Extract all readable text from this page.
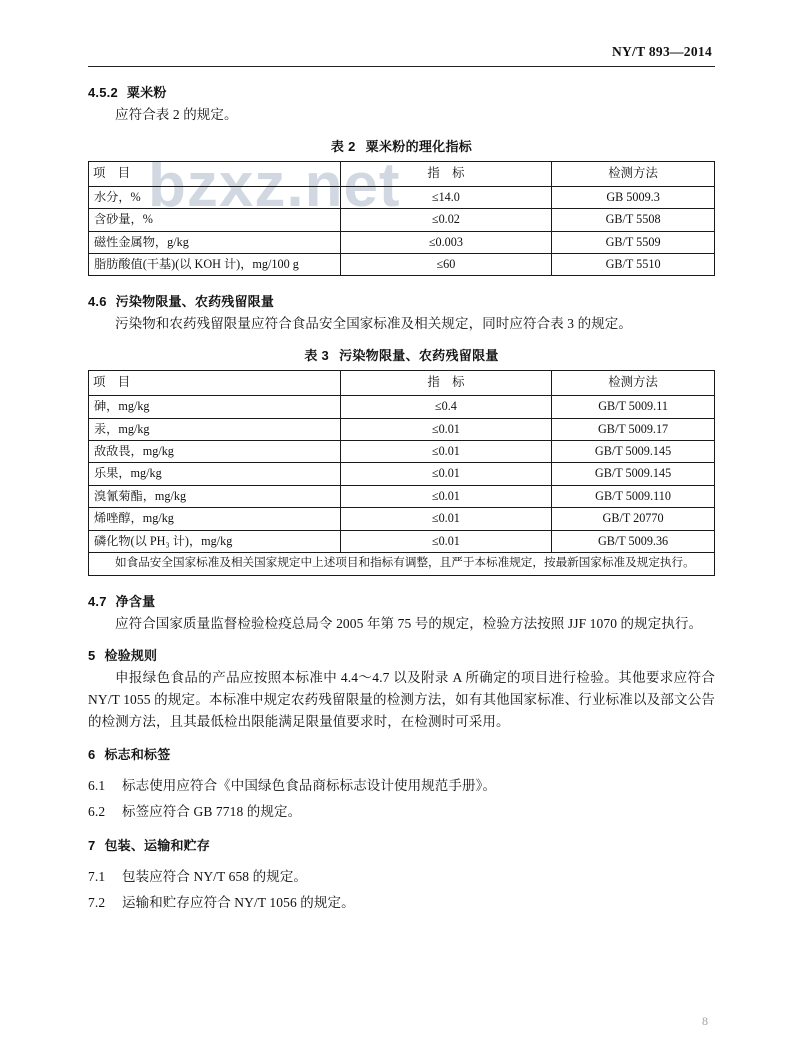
bzxz.net
NY/T 893—2014
4.5.2 粟米粉

应符合表 2 的规定。

表 2 粟米粉的理化指标
项　目	指　标	检测方法
水分，%	≤14.0	GB 5009.3
含砂量，%	≤0.02	GB/T 5508
磁性金属物，g/kg	≤0.003	GB/T 5509
脂肪酸值(干基)(以 KOH 计)，mg/100 g	≤60	GB/T 5510
4.6 污染物限量、农药残留限量

污染物和农药残留限量应符合食品安全国家标准及相关规定，同时应符合表 3 的规定。

表 3 污染物限量、农药残留限量
项　目	指　标	检测方法
砷，mg/kg	≤0.4	GB/T 5009.11
汞，mg/kg	≤0.01	GB/T 5009.17
敌敌畏，mg/kg	≤0.01	GB/T 5009.145
乐果，mg/kg	≤0.01	GB/T 5009.145
溴氰菊酯，mg/kg	≤0.01	GB/T 5009.110
烯唑醇，mg/kg	≤0.01	GB/T 20770
磷化物(以 PH₃ 计)，mg/kg	≤0.01	GB/T 5009.36
如食品安全国家标准及相关国家规定中上述项目和指标有调整，且严于本标准规定，按最新国家标准及规定执行。		
4.7 净含量

应符合国家质量监督检验检疫总局令 2005 年第 75 号的规定，检验方法按照 JJF 1070 的规定执行。

5 检验规则

申报绿色食品的产品应按照本标准中 4.4～4.7 以及附录 A 所确定的项目进行检验。其他要求应符合 NY/T 1055 的规定。本标准中规定农药残留限量的检测方法，如有其他国家标准、行业标准以及部文公告的检测方法，且其最低检出限能满足限量值要求时，在检测时可采用。

6 标志和标签

6.1 标志使用应符合《中国绿色食品商标标志设计使用规范手册》。

6.2 标签应符合 GB 7718 的规定。

7 包装、运输和贮存

7.1 包装应符合 NY/T 658 的规定。

7.2 运输和贮存应符合 NY/T 1056 的规定。

8
